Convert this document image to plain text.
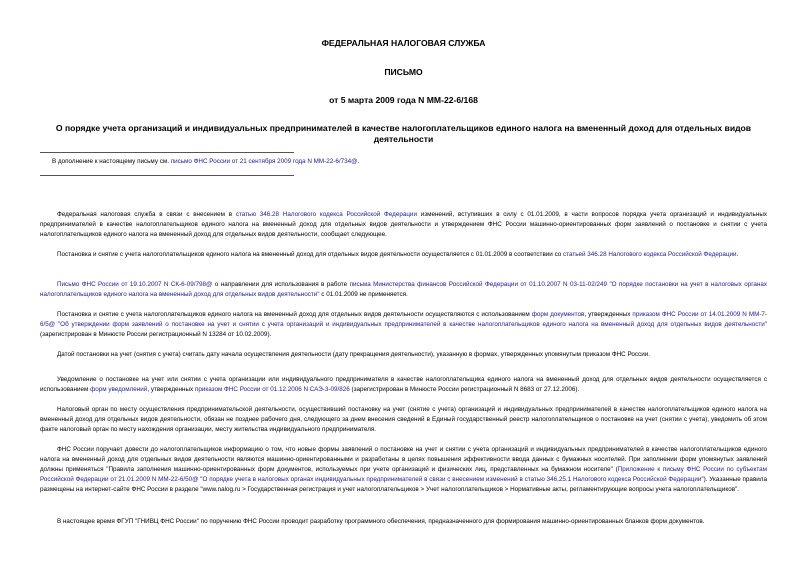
ФЕДЕРАЛЬНАЯ НАЛОГОВАЯ СЛУЖБА
ПИСЬМО
от 5 марта 2009 года N ММ-22-6/168
О порядке учета организаций и индивидуальных предпринимателей в качестве налогоплательщиков единого налога на вмененный доход для отдельных видов деятельности
В дополнение к настоящему письму см. письмо ФНС России от 21 сентября 2009 года N ММ-22-6/734@.
Федеральная налоговая служба в связи с внесением в статью 346.28 Налогового кодекса Российской Федерации изменений, вступивших в силу с 01.01.2009, в части вопросов порядка учета организаций и индивидуальных предпринимателей в качестве налогоплательщиков единого налога на вмененный доход для отдельных видов деятельности и утверждением ФНС России машинно-ориентированных форм заявлений о постановке и снятии с учета налогоплательщиков единого налога на вмененный доход для отдельных видов деятельности, сообщает следующее.
Постановка и снятие с учета налогоплательщиков единого налога на вмененный доход для отдельных видов деятельности осуществляется с 01.01.2009 в соответствии со статьей 346.28 Налогового кодекса Российской Федерации.
Письмо ФНС России от 19.10.2007 N СК-6-09/798@ о направлении для использования в работе письма Министерства финансов Российской Федерации от 01.10.2007 N 03-11-02/249 "О порядке постановки на учет в налоговых органах налогоплательщиков единого налога на вмененный доход для отдельных видов деятельности" с 01.01.2009 не применяется.
Постановка и снятие с учета налогоплательщиков единого налога на вмененный доход для отдельных видов деятельности осуществляются с использованием форм документов, утвержденных приказом ФНС России от 14.01.2009 N ММ-7-6/5@ "Об утверждении форм заявлений о постановке на учет и снятии с учета организаций и индивидуальных предпринимателей в качестве налогоплательщиков единого налога на вмененный доход для отдельных видов деятельности" (зарегистрирован в Минюсте России регистрационный N 13284 от 10.02.2009).
Датой постановки на учет (снятия с учета) считать дату начала осуществления деятельности (дату прекращения деятельности), указанную в формах, утвержденных упомянутым приказом ФНС России.
Уведомление о постановке на учет или снятии с учета организации или индивидуального предпринимателя в качестве налогоплательщика единого налога на вмененный доход для отдельных видов деятельности осуществляется с использованием форм уведомлений, утвержденных приказом ФНС России от 01.12.2006 N САЭ-3-09/826 (зарегистрирован в Минюсте России регистрационный N 8683 от 27.12.2006).
Налоговый орган по месту осуществления предпринимательской деятельности, осуществивший постановку на учет (снятие с учета) организаций и индивидуальных предпринимателей в качестве налогоплательщиков единого налога на вмененный доход для отдельных видов деятельности, обязан не позднее рабочего дня, следующего за днем внесения сведений в Единый государственный реестр налогоплательщиков о постановке на учет (снятии с учета), уведомить об этом факте налоговый орган по месту нахождения организации, месту жительства индивидуального предпринимателя.
ФНС России поручает довести до налогоплательщиков информацию о том, что новые формы заявлений о постановке на учет и снятии с учета организаций и индивидуальных предпринимателей в качестве налогоплательщиков единого налога на вмененный доход для отдельных видов деятельности являются машинно-ориентированными и разработаны в целях повышения эффективности ввода данных с бумажных носителей. При заполнении форм упомянутых заявлений должны применяться "Правила заполнения машинно-ориентированных форм документов, используемых при учете организаций и физических лиц, представленных на бумажном носителе" (Приложение к письму ФНС России по субъектам Российской Федерации от 21.01.2009 N ММ-22-6/50@ "О порядке учета в налоговых органах индивидуальных предпринимателей в связи с внесением изменений в статью 346.25.1 Налогового кодекса Российской Федерации"). Указанные правила размещены на интернет-сайте ФНС России в разделе "www.nalog.ru > Государственная регистрация и учет налогоплательщиков > Учет налогоплательщиков > Нормативные акты, регламентирующие вопросы учета налогоплательщиков".
В настоящее время ФГУП "ГНИВЦ ФНС России" по поручению ФНС России проводит разработку программного обеспечения, предназначенного для формирования машинно-ориентированных бланков форм документов.
